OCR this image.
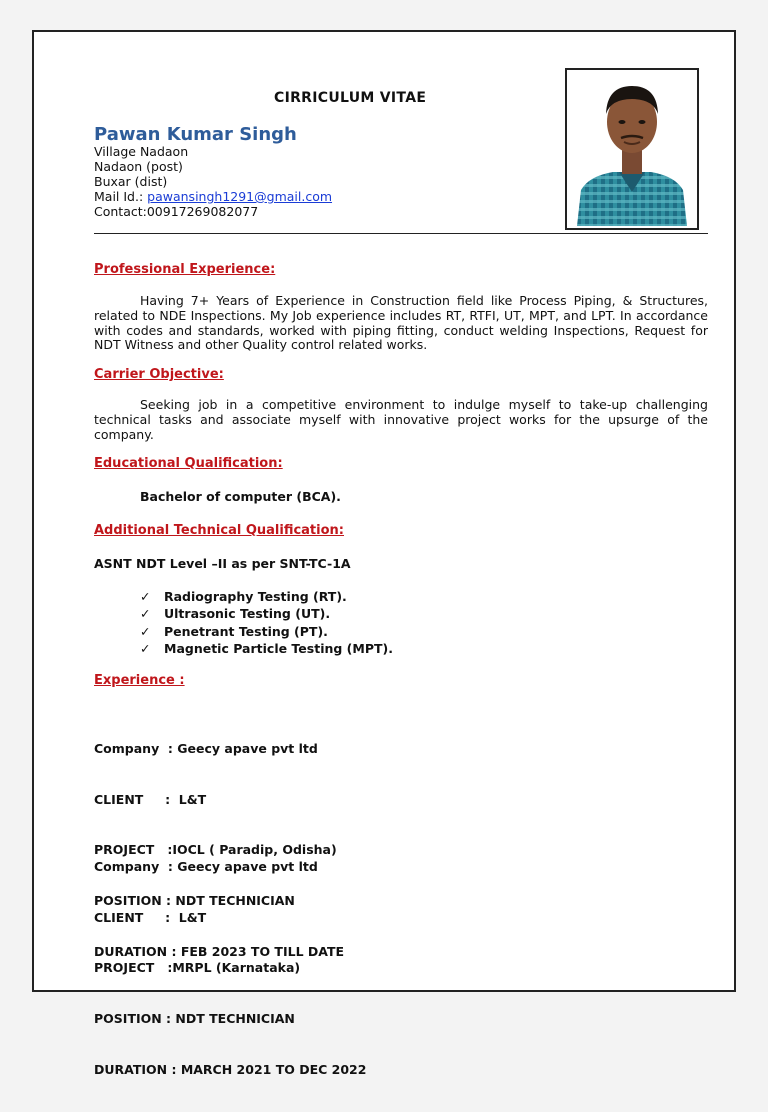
CIRRICULUM VITAE
Pawan Kumar Singh
Village Nadaon
Nadaon (post)
Buxar (dist)
Mail Id.: pawansingh1291@gmail.com
Contact:00917269082077
Professional Experience:
Having 7+ Years of Experience in Construction field like Process Piping, & Structures, related to NDE Inspections. My Job experience includes RT, RTFI, UT, MPT, and LPT. In accordance with codes and standards, worked with piping fitting, conduct welding Inspections, Request for NDT Witness and other Quality control related works.
Carrier Objective:
Seeking job in a competitive environment to indulge myself to take-up challenging technical tasks and associate myself with innovative project works for the upsurge of the company.
Educational Qualification:
Bachelor of computer (BCA).
Additional Technical Qualification:
ASNT NDT Level –II as per SNT-TC-1A
✓	Radiography Testing (RT).
✓	Ultrasonic Testing (UT).
✓	Penetrant Testing (PT).
✓	Magnetic Particle Testing (MPT).
Experience :

Company  : Geecy apave pvt ltd

CLIENT     :  L&T

PROJECT   :IOCL ( Paradip, Odisha)

POSITION : NDT TECHNICIAN

DURATION : FEB 2023 TO TILL DATE

Company  : Geecy apave pvt ltd

CLIENT     :  L&T

PROJECT   :MRPL (Karnataka)

POSITION : NDT TECHNICIAN

DURATION : MARCH 2021 TO DEC 2022
